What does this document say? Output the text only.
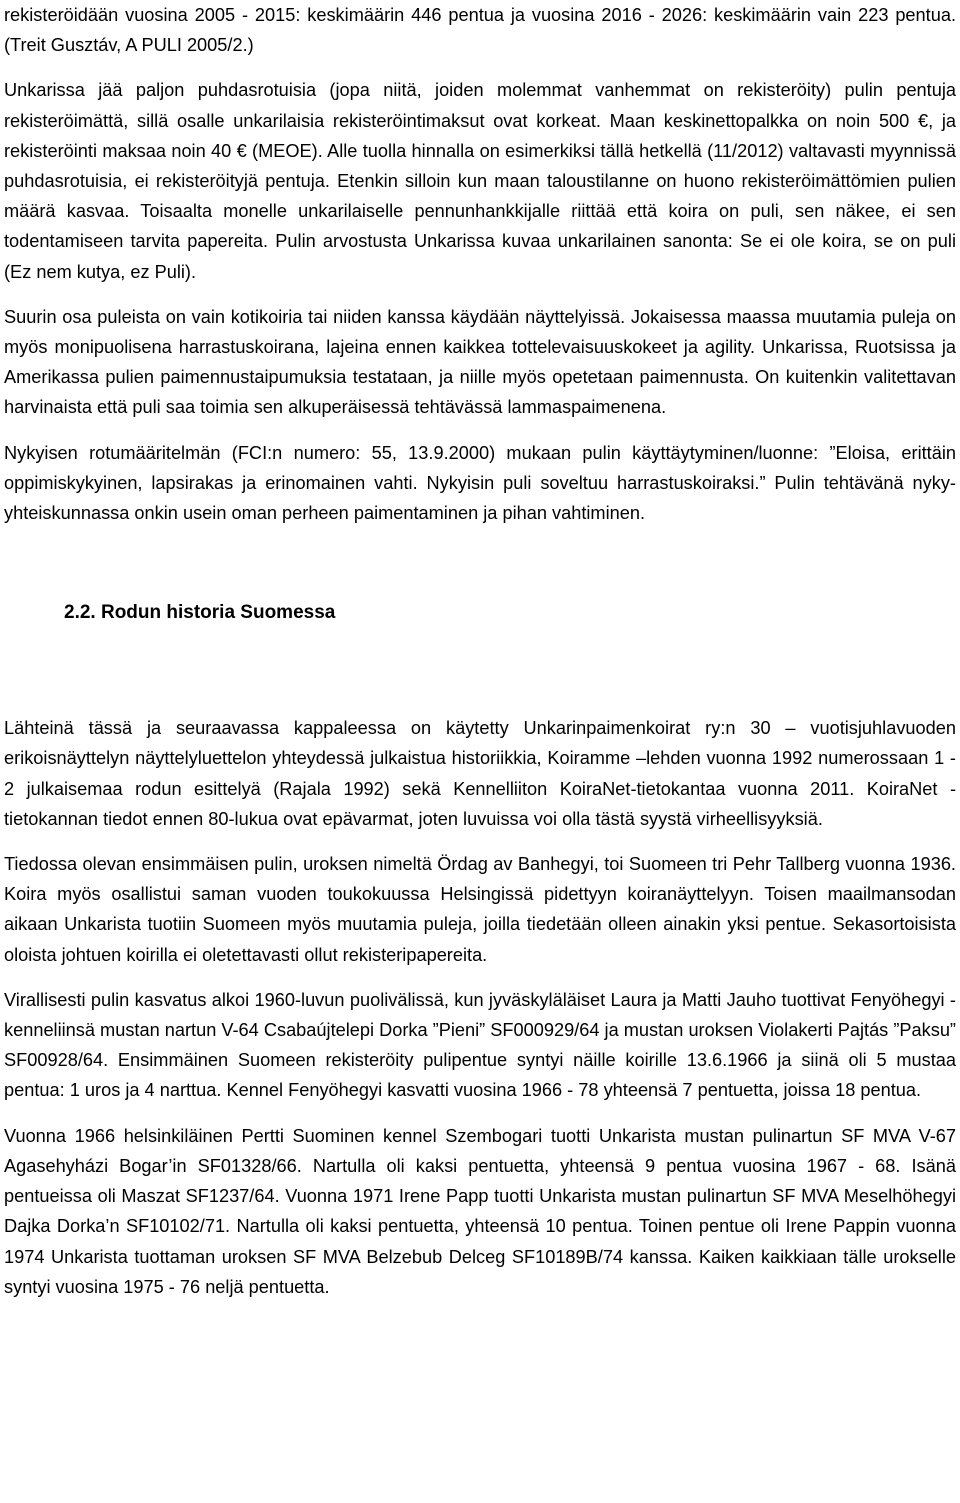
rekisteröidään vuosina 2005 - 2015: keskimäärin 446 pentua ja vuosina 2016 - 2026: keskimäärin vain 223 pentua. (Treit Gusztáv, A PULI 2005/2.)

Unkarissa jää paljon puhdasrotuisia (jopa niitä, joiden molemmat vanhemmat on rekisteröity) pulin pentuja rekisteröimättä, sillä osalle unkarilaisia rekisteröintimaksut ovat korkeat. Maan keskinettopalkka on noin 500 €, ja rekisteröinti maksaa noin 40 € (MEOE). Alle tuolla hinnalla on esimerkiksi tällä hetkellä (11/2012) valtavasti myynnissä puhdasrotuisia, ei rekisteröityjä pentuja. Etenkin silloin kun maan taloustilanne on huono rekisteröimättömien pulien määrä kasvaa. Toisaalta monelle unkarilaiselle pennunhankkijalle riittää että koira on puli, sen näkee, ei sen todentamiseen tarvita papereita. Pulin arvostusta Unkarissa kuvaa unkarilainen sanonta: Se ei ole koira, se on puli (Ez nem kutya, ez Puli).

Suurin osa puleista on vain kotikoiria tai niiden kanssa käydään näyttelyissä. Jokaisessa maassa muutamia puleja on myös monipuolisena harrastuskoirana, lajeina ennen kaikkea tottelevaisuuskokeet ja agility. Unkarissa, Ruotsissa ja Amerikassa pulien paimennustaipumuksia testataan, ja niille myös opetetaan paimennusta. On kuitenkin valitettavan harvinaista että puli saa toimia sen alkuperäisessä tehtävässä lammaspaimenena.

Nykyisen rotumääritelmän (FCI:n numero: 55, 13.9.2000) mukaan pulin käyttäytyminen/luonne: ”Eloisa, erittäin oppimiskykyinen, lapsirakas ja erinomainen vahti. Nykyisin puli soveltuu harrastuskoiraksi.” Pulin tehtävänä nyky-yhteiskunnassa onkin usein oman perheen paimentaminen ja pihan vahtiminen.

2.2. Rodun historia Suomessa

Lähteinä tässä ja seuraavassa kappaleessa on käytetty Unkarinpaimenkoirat ry:n 30 – vuotisjuhlavuoden erikoisnäyttelyn näyttelyluettelon yhteydessä julkaistua historiikkia, Koiramme –lehden vuonna 1992 numerossaan 1 - 2 julkaisemaa rodun esittelyä (Rajala 1992) sekä Kennelliiton KoiraNet-tietokantaa vuonna 2011. KoiraNet -tietokannan tiedot ennen 80-lukua ovat epävarmat, joten luvuissa voi olla tästä syystä virheellisyyksiä.

Tiedossa olevan ensimmäisen pulin, uroksen nimeltä Ördag av Banhegyi, toi Suomeen tri Pehr Tallberg vuonna 1936. Koira myös osallistui saman vuoden toukokuussa Helsingissä pidettyyn koiranäyttelyyn. Toisen maailmansodan aikaan Unkarista tuotiin Suomeen myös muutamia puleja, joilla tiedetään olleen ainakin yksi pentue. Sekasortoisista oloista johtuen koirilla ei oletettavasti ollut rekisteripapereita.

Virallisesti pulin kasvatus alkoi 1960-luvun puolivälissä, kun jyväskyläläiset Laura ja Matti Jauho tuottivat Fenyöhegyi -kenneliinsä mustan nartun V-64 Csabaújtelepi Dorka ”Pieni” SF000929/64 ja mustan uroksen Violakerti Pajtás ”Paksu” SF00928/64. Ensimmäinen Suomeen rekisteröity pulipentue syntyi näille koirille 13.6.1966 ja siinä oli 5 mustaa pentua: 1 uros ja 4 narttua. Kennel Fenyöhegyi kasvatti vuosina 1966 - 78 yhteensä 7 pentuetta, joissa 18 pentua.

Vuonna 1966 helsinkiläinen Pertti Suominen kennel Szembogari tuotti Unkarista mustan pulinartun SF MVA V-67 Agasehyházi Bogar’in SF01328/66. Nartulla oli kaksi pentuetta, yhteensä 9 pentua vuosina 1967 - 68. Isänä pentueissa oli Maszat SF1237/64. Vuonna 1971 Irene Papp tuotti Unkarista mustan pulinartun SF MVA Meselhöhegyi Dajka Dorka’n SF10102/71. Nartulla oli kaksi pentuetta, yhteensä 10 pentua. Toinen pentue oli Irene Pappin vuonna 1974 Unkarista tuottaman uroksen SF MVA Belzebub Delceg SF10189B/74 kanssa. Kaiken kaikkiaan tälle urokselle syntyi vuosina 1975 - 76 neljä pentuetta.
